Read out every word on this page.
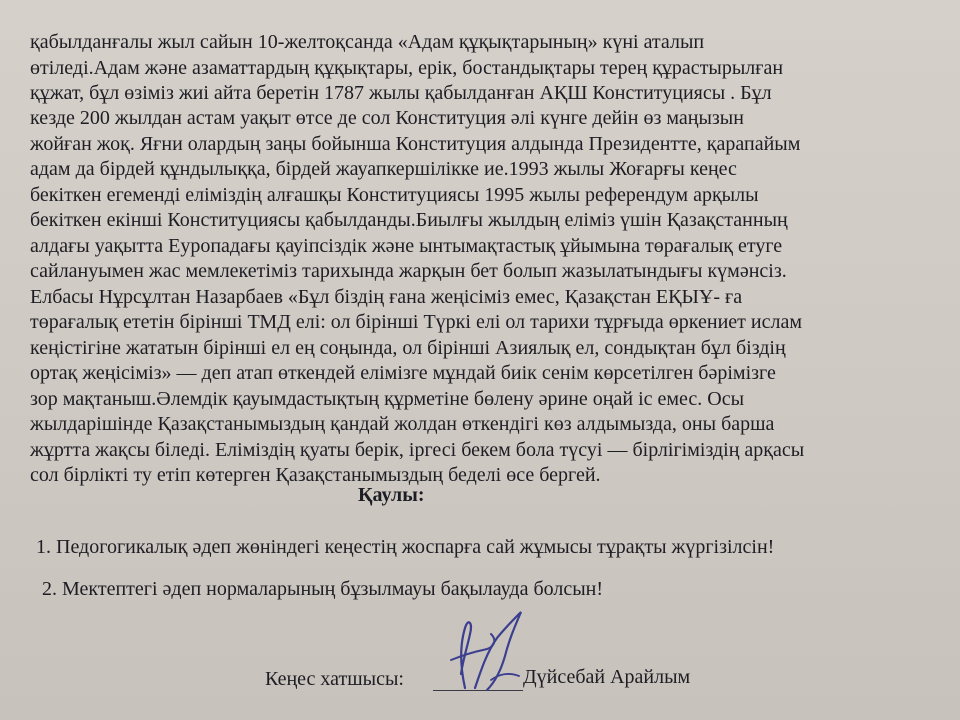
қабылданғалы жыл сайын 10-желтоқсанда «Адам құқықтарының» күні аталып
өтіледі.Адам және азаматтардың құқықтары, ерік, бостандықтары терең құрастырылған
құжат, бұл өзіміз жиі айта беретін 1787 жылы қабылданған АҚШ Конституциясы . Бұл
кезде 200 жылдан астам уақыт өтсе де сол Конституция әлі күнге дейін өз маңызын
жойған жоқ. Яғни олардың заңы бойынша Конституция алдында Президентте, қарапайым
адам да бірдей құндылыққа, бірдей жауапкершілікке ие.1993 жылы Жоғарғы кеңес
бекіткен егеменді еліміздің алғашқы Конституциясы 1995 жылы референдум арқылы
бекіткен екінші Конституциясы қабылданды.Биылғы жылдың еліміз үшін Қазақстанның
алдағы уақытта Еуропадағы қауіпсіздік және ынтымақтастық ұйымына төрағалық етуге
сайлануымен жас мемлекетіміз тарихында жарқын бет болып жазылатындығы күмәнсіз.
Елбасы Нұрсұлтан Назарбаев «Бұл біздің ғана жеңісіміз емес, Қазақстан ЕҚЫҰ- ға
төрағалық ететін бірінші ТМД елі: ол бірінші Түркі елі ол тарихи тұрғыда өркениет ислам
кеңістігіне жататын бірінші ел ең соңында, ол бірінші Азиялық ел, сондықтан бұл біздің
ортақ жеңісіміз» — деп атап өткендей елімізге мұндай биік сенім көрсетілген бәрімізге
зор мақтаныш.Әлемдік қауымдастықтың құрметіне бөлену әрине оңай іс емес. Осы
жылдарішінде Қазақстанымыздың қандай жолдан өткендігі көз алдымызда, оны барша
жұртта жақсы біледі. Еліміздің қуаты берік, іргесі бекем бола түсуі — бірлігіміздің арқасы
сол бірлікті ту етіп көтерген Қазақстанымыздың беделі өсе бергей.
Қаулы:
1. Педогогикалық әдеп жөніндегі кеңестің жоспарға сай жұмысы тұрақты жүргізілсін!
2. Мектептегі әдеп нормаларының бұзылмауы бақылауда болсын!
Кеңес хатшысы:	Дүйсебай Арайлым
